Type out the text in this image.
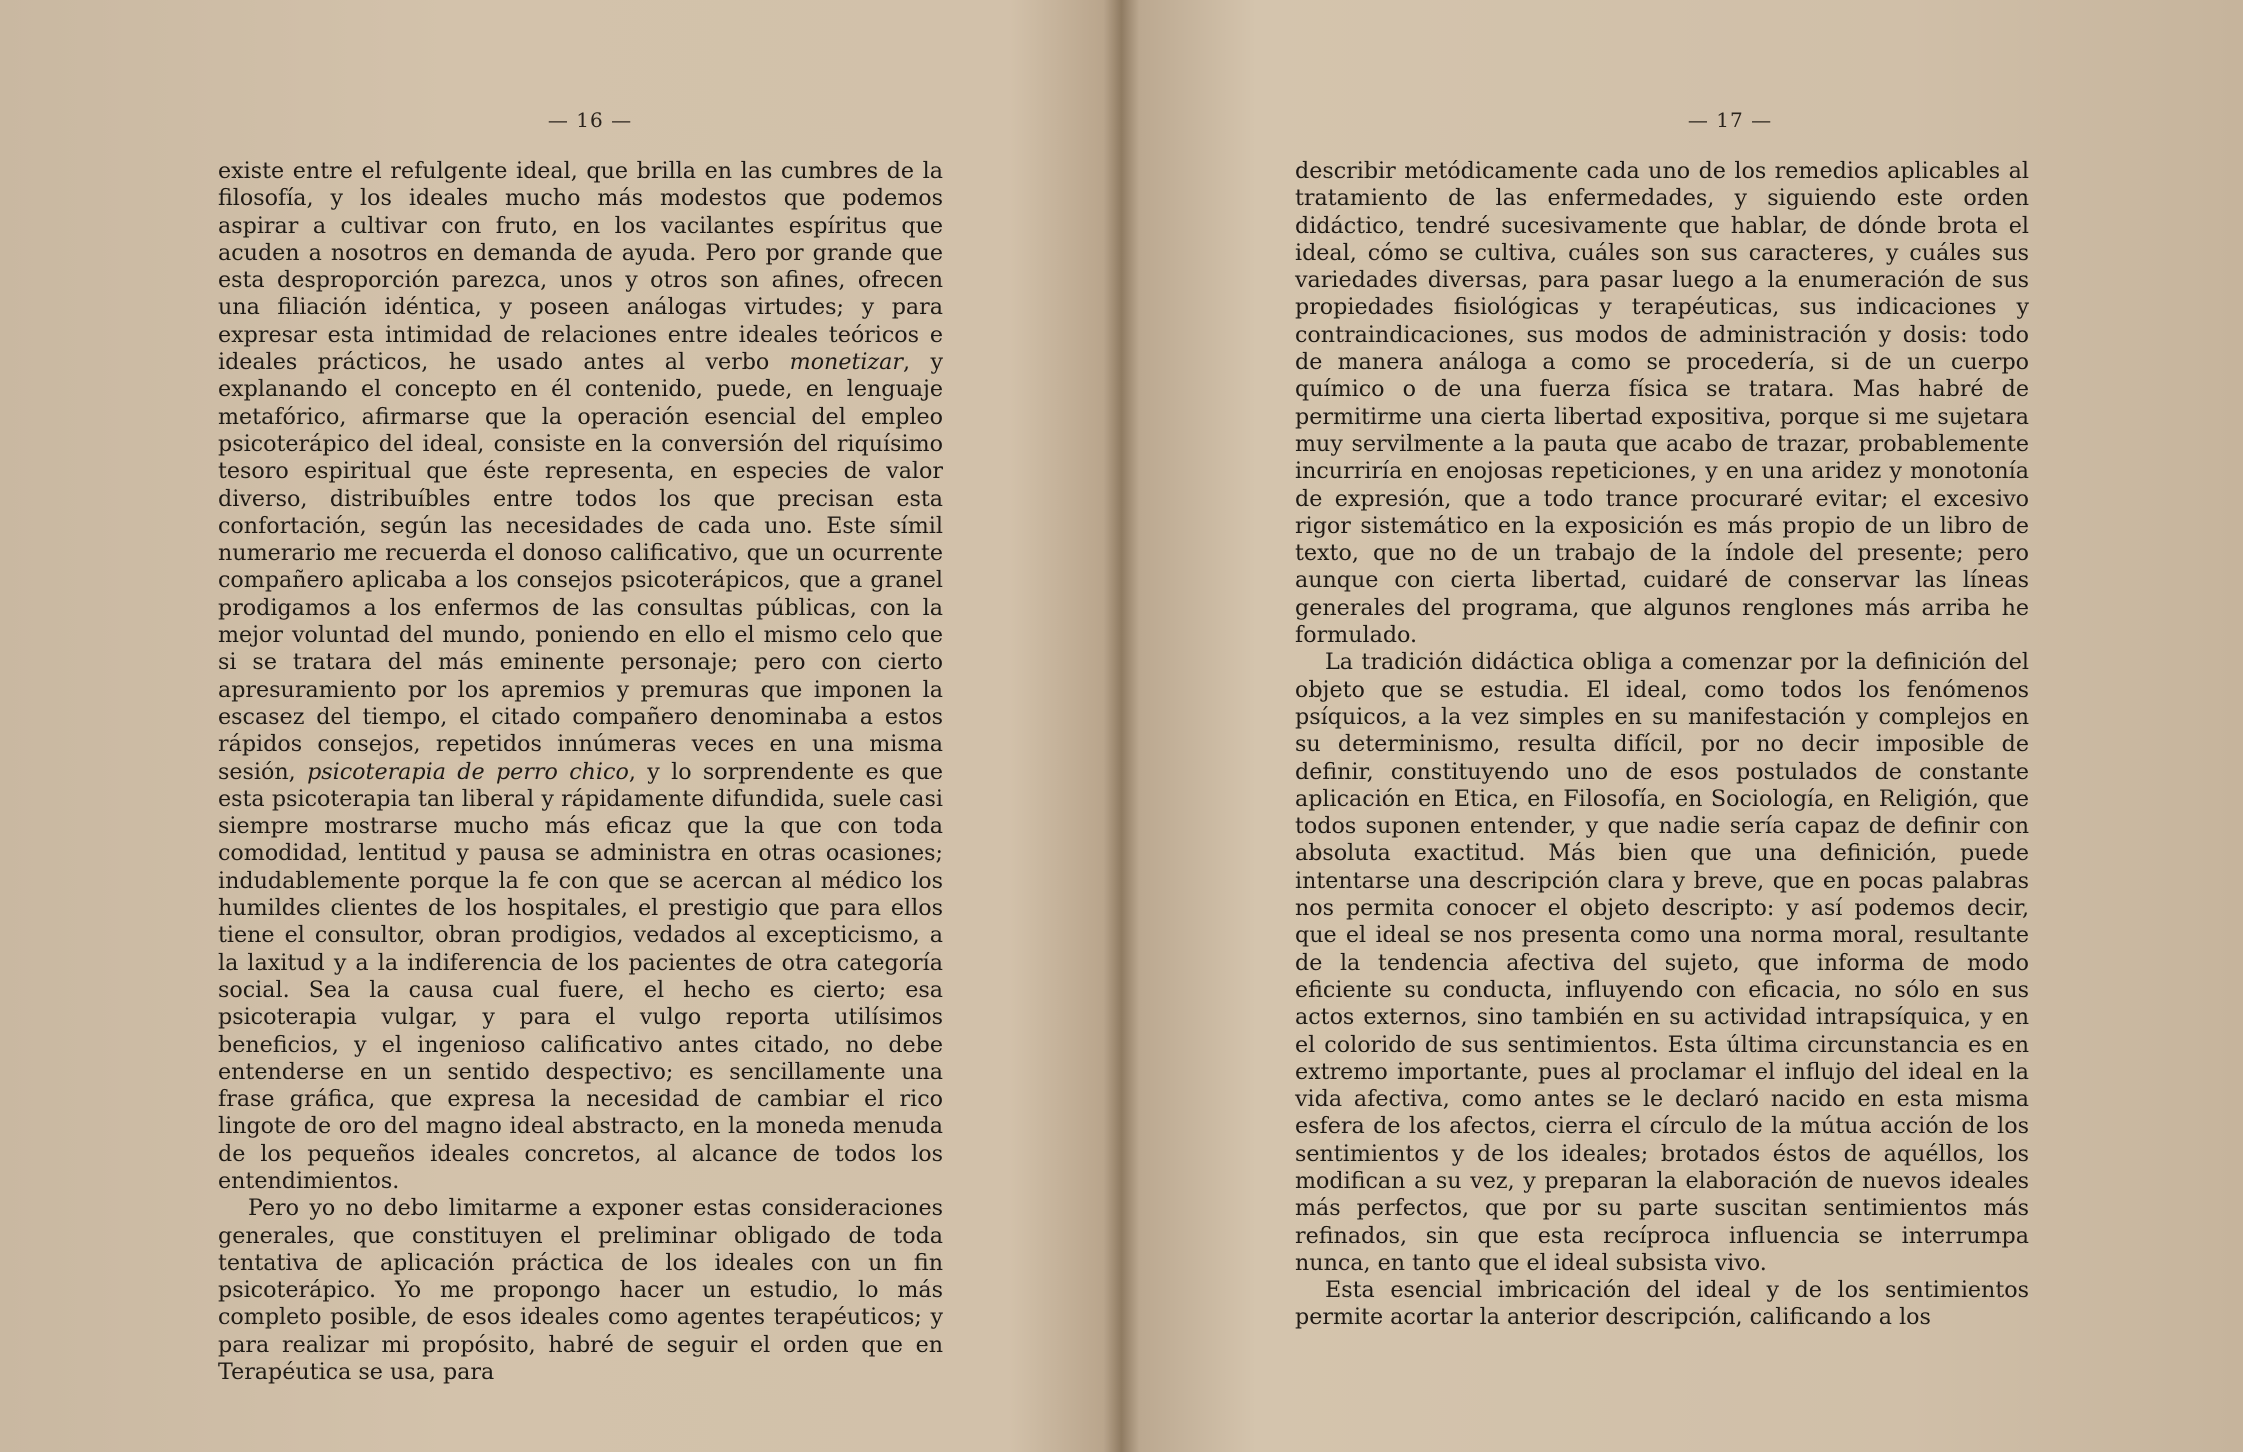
— 16 —

existe entre el refulgente ideal, que brilla en las cumbres de la filosofía, y los ideales mucho más modestos que podemos aspirar a cultivar con fruto, en los vacilantes espíritus que acuden a nosotros en demanda de ayuda. Pero por grande que esta desproporción parezca, unos y otros son afines, ofrecen una filiación idéntica, y poseen análogas virtudes; y para expresar esta intimidad de relaciones entre ideales teóricos e ideales prácticos, he usado antes al verbo monetizar, y explanando el concepto en él contenido, puede, en lenguaje metafórico, afirmarse que la operación esencial del empleo psicoterápico del ideal, consiste en la conversión del riquísimo tesoro espiritual que éste representa, en especies de valor diverso, distribuíbles entre todos los que precisan esta confortación, según las necesidades de cada uno. Este símil numerario me recuerda el donoso calificativo, que un ocurrente compañero aplicaba a los consejos psicoterápicos, que a granel prodigamos a los enfermos de las consultas públicas, con la mejor voluntad del mundo, poniendo en ello el mismo celo que si se tratara del más eminente personaje; pero con cierto apresuramiento por los apremios y premuras que imponen la escasez del tiempo, el citado compañero denominaba a estos rápidos consejos, repetidos innúmeras veces en una misma sesión, psicoterapia de perro chico, y lo sorprendente es que esta psicoterapia tan liberal y rápidamente difundida, suele casi siempre mostrarse mucho más eficaz que la que con toda comodidad, lentitud y pausa se administra en otras ocasiones; indudablemente porque la fe con que se acercan al médico los humildes clientes de los hospitales, el prestigio que para ellos tiene el consultor, obran prodigios, vedados al excepticismo, a la laxitud y a la indiferencia de los pacientes de otra categoría social. Sea la causa cual fuere, el hecho es cierto; esa psicoterapia vulgar, y para el vulgo reporta utilísimos beneficios, y el ingenioso calificativo antes citado, no debe entenderse en un sentido despectivo; es sencillamente una frase gráfica, que expresa la necesidad de cambiar el rico lingote de oro del magno ideal abstracto, en la moneda menuda de los pequeños ideales concretos, al alcance de todos los entendimientos.

Pero yo no debo limitarme a exponer estas consideraciones generales, que constituyen el preliminar obligado de toda tentativa de aplicación práctica de los ideales con un fin psicoterápico. Yo me propongo hacer un estudio, lo más completo posible, de esos ideales como agentes terapéuticos; y para realizar mi propósito, habré de seguir el orden que en Terapéutica se usa, para

— 17 —

describir metódicamente cada uno de los remedios aplicables al tratamiento de las enfermedades, y siguiendo este orden didáctico, tendré sucesivamente que hablar, de dónde brota el ideal, cómo se cultiva, cuáles son sus caracteres, y cuáles sus variedades diversas, para pasar luego a la enumeración de sus propiedades fisiológicas y terapéuticas, sus indicaciones y contraindicaciones, sus modos de administración y dosis: todo de manera análoga a como se procedería, si de un cuerpo químico o de una fuerza física se tratara. Mas habré de permitirme una cierta libertad expositiva, porque si me sujetara muy servilmente a la pauta que acabo de trazar, probablemente incurriría en enojosas repeticiones, y en una aridez y monotonía de expresión, que a todo trance procuraré evitar; el excesivo rigor sistemático en la exposición es más propio de un libro de texto, que no de un trabajo de la índole del presente; pero aunque con cierta libertad, cuidaré de conservar las líneas generales del programa, que algunos renglones más arriba he formulado.

La tradición didáctica obliga a comenzar por la definición del objeto que se estudia. El ideal, como todos los fenómenos psíquicos, a la vez simples en su manifestación y complejos en su determinismo, resulta difícil, por no decir imposible de definir, constituyendo uno de esos postulados de constante aplicación en Etica, en Filosofía, en Sociología, en Religión, que todos suponen entender, y que nadie sería capaz de definir con absoluta exactitud. Más bien que una definición, puede intentarse una descripción clara y breve, que en pocas palabras nos permita conocer el objeto descripto: y así podemos decir, que el ideal se nos presenta como una norma moral, resultante de la tendencia afectiva del sujeto, que informa de modo eficiente su conducta, influyendo con eficacia, no sólo en sus actos externos, sino también en su actividad intrapsíquica, y en el colorido de sus sentimientos. Esta última circunstancia es en extremo importante, pues al proclamar el influjo del ideal en la vida afectiva, como antes se le declaró nacido en esta misma esfera de los afectos, cierra el círculo de la mútua acción de los sentimientos y de los ideales; brotados éstos de aquéllos, los modifican a su vez, y preparan la elaboración de nuevos ideales más perfectos, que por su parte suscitan sentimientos más refinados, sin que esta recíproca influencia se interrumpa nunca, en tanto que el ideal subsista vivo.

Esta esencial imbricación del ideal y de los sentimientos permite acortar la anterior descripción, calificando a los
